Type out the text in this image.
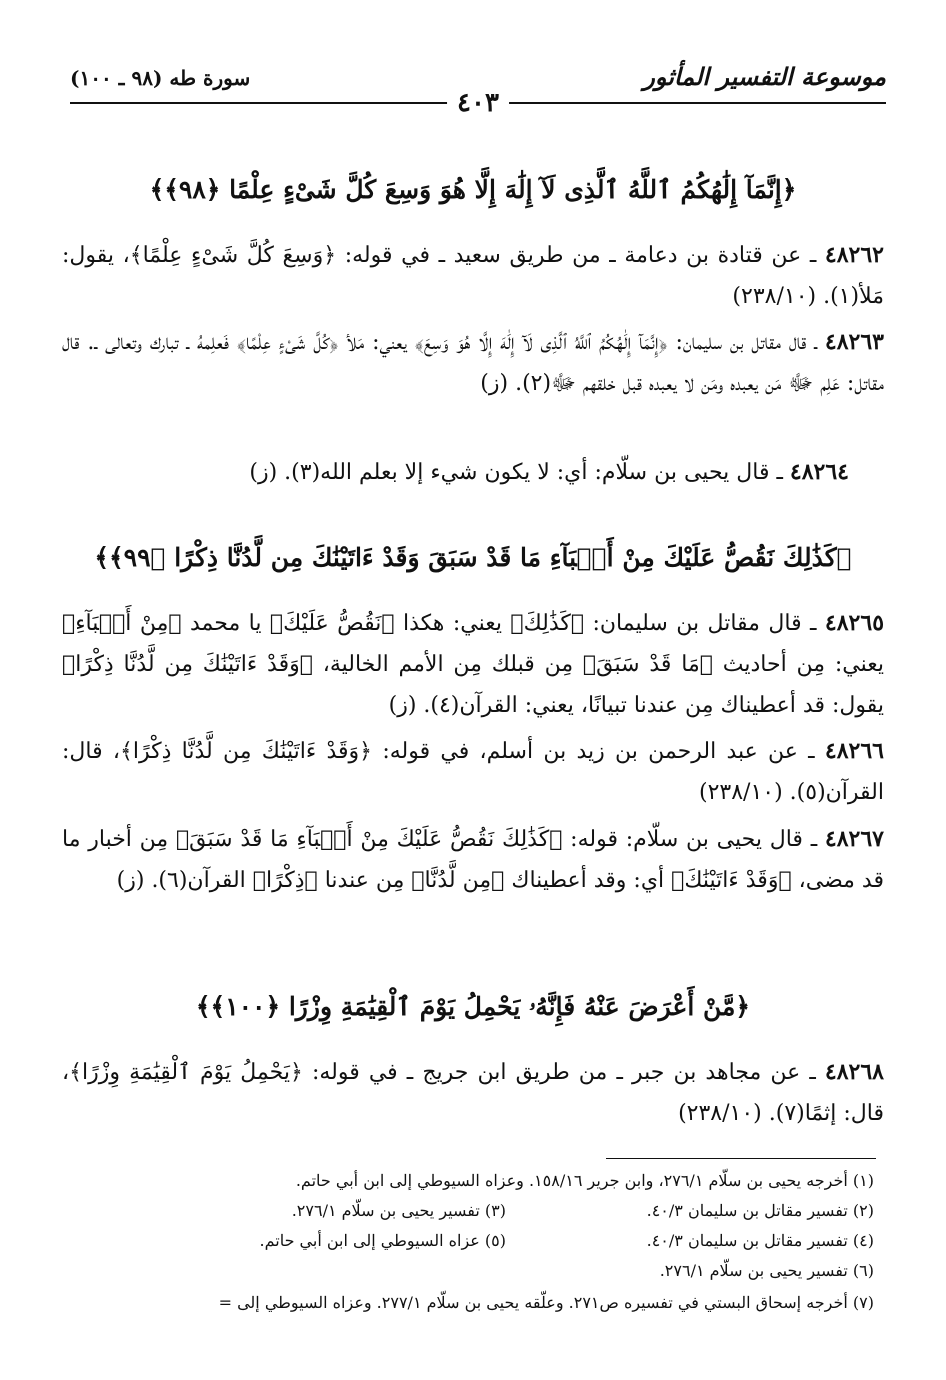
موسوعة التفسير المأثور
سورة طه (٩٨ ـ ١٠٠)
٤٠٣
﴿إِنَّمَآ إِلَٰهُكُمُ ٱللَّهُ ٱلَّذِى لَآ إِلَٰهَ إِلَّا هُوَ وَسِعَ كُلَّ شَىْءٍ عِلْمًا ﴿٩٨﴾﴾
٤٨٢٦٢ ـ عن قتادة بن دعامة ـ من طريق سعيد ـ في قوله: ﴿وَسِعَ كُلَّ شَىْءٍ عِلْمًا﴾، يقول: مَلأ(١). (٢٣٨/١٠)
٤٨٢٦٣ ـ قال مقاتل بن سليمان: ﴿إِنَّمَآ إِلَٰهُكُمُ ٱللَّهُ ٱلَّذِى لَآ إِلَٰهَ إِلَّا هُوَ وَسِعَ﴾ يعني: مَلأ ﴿كُلَّ شَىْءٍ عِلْمًا﴾ فَعلِمهُ ـ تبارك وتعالى ـ. قال مقاتل: عَلِم ﷻ مَن يعبده ومَن لا يعبده قبل خلقهم ﷻ(٢). (ز)
٤٨٢٦٤ ـ قال يحيى بن سلّام: أي: لا يكون شيء إلا بعلم الله(٣). (ز)
﴿كَذَٰلِكَ نَقُصُّ عَلَيْكَ مِنْ أَنۢبَآءِ مَا قَدْ سَبَقَ وَقَدْ ءَاتَيْنَٰكَ مِن لَّدُنَّا ذِكْرًا ﴿٩٩﴾﴾
٤٨٢٦٥ ـ قال مقاتل بن سليمان: ﴿كَذَٰلِكَ﴾ يعني: هكذا ﴿نَقُصُّ عَلَيْكَ﴾ يا محمد ﴿مِنْ أَنۢبَآءِ﴾ يعني: مِن أحاديث ﴿مَا قَدْ سَبَقَ﴾ مِن قبلك مِن الأمم الخالية، ﴿وَقَدْ ءَاتَيْنَٰكَ مِن لَّدُنَّا ذِكْرًا﴾ يقول: قد أعطيناك مِن عندنا تبيانًا، يعني: القرآن(٤). (ز)
٤٨٢٦٦ ـ عن عبد الرحمن بن زيد بن أسلم، في قوله: ﴿وَقَدْ ءَاتَيْنَٰكَ مِن لَّدُنَّا ذِكْرًا﴾، قال: القرآن(٥). (٢٣٨/١٠)
٤٨٢٦٧ ـ قال يحيى بن سلّام: قوله: ﴿كَذَٰلِكَ نَقُصُّ عَلَيْكَ مِنْ أَنۢبَآءِ مَا قَدْ سَبَقَ﴾ مِن أخبار ما قد مضى، ﴿وَقَدْ ءَاتَيْنَٰكَ﴾ أي: وقد أعطيناك ﴿مِن لَّدُنَّا﴾ مِن عندنا ﴿ذِكْرًا﴾ القرآن(٦). (ز)
﴿مَّنْ أَعْرَضَ عَنْهُ فَإِنَّهُۥ يَحْمِلُ يَوْمَ ٱلْقِيَٰمَةِ وِزْرًا ﴿١٠٠﴾﴾
٤٨٢٦٨ ـ عن مجاهد بن جبر ـ من طريق ابن جريج ـ في قوله: ﴿يَحْمِلُ يَوْمَ ٱلْقِيَٰمَةِ وِزْرًا﴾، قال: إثمًا(٧). (٢٣٨/١٠)
(١) أخرجه يحيى بن سلّام ٢٧٦/١، وابن جرير ١٥٨/١٦. وعزاه السيوطي إلى ابن أبي حاتم.
(٢) تفسير مقاتل بن سليمان ٤٠/٣.
(٣) تفسير يحيى بن سلّام ٢٧٦/١.
(٤) تفسير مقاتل بن سليمان ٤٠/٣.
(٥) عزاه السيوطي إلى ابن أبي حاتم.
(٦) تفسير يحيى بن سلّام ٢٧٦/١.
(٧) أخرجه إسحاق البستي في تفسيره ص٢٧١. وعلّقه يحيى بن سلّام ٢٧٧/١. وعزاه السيوطي إلى =
